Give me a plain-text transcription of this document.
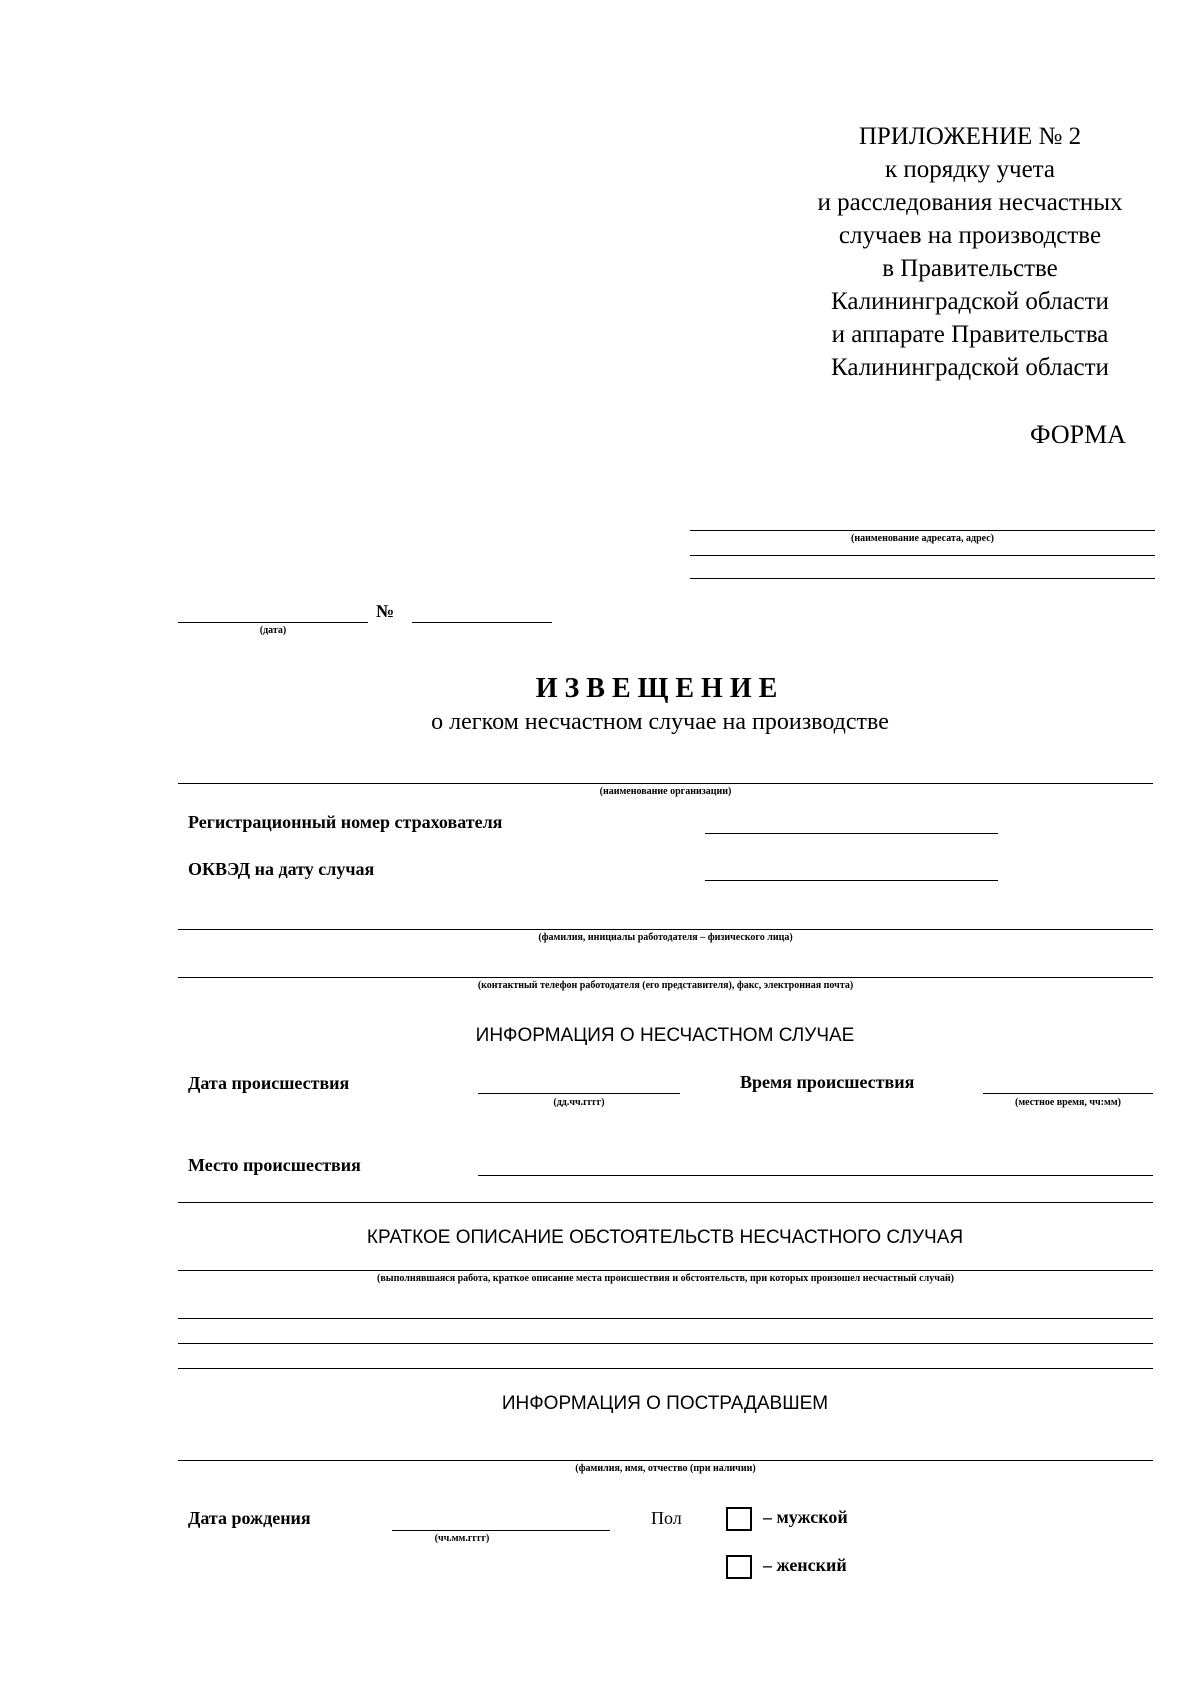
ПРИЛОЖЕНИЕ № 2
к порядку учета
и расследования несчастных
случаев на производстве
в Правительстве
Калининградской области
и аппарате Правительства
Калининградской области
ФОРМА
(наименование адресата, адрес)
(дата)
№
ИЗВЕЩЕНИЕ
о легком несчастном случае на производстве
(наименование организации)
Регистрационный номер страхователя
ОКВЭД на дату случая
(фамилия, инициалы работодателя – физического лица)
(контактный телефон работодателя (его представителя), факс, электронная почта)
ИНФОРМАЦИЯ О НЕСЧАСТНОМ СЛУЧАЕ
Дата происшествия
(дд.чч.гггг)
Время происшествия
(местное время, чч:мм)
Место происшествия
КРАТКОЕ ОПИСАНИЕ ОБСТОЯТЕЛЬСТВ НЕСЧАСТНОГО СЛУЧАЯ
(выполнявшаяся работа, краткое описание места происшествия и обстоятельств, при которых произошел несчастный случай)
ИНФОРМАЦИЯ О ПОСТРАДАВШЕМ
(фамилия, имя, отчество (при наличии)
Дата рождения
(чч.мм.гггг)
Пол	– мужской
– женский
